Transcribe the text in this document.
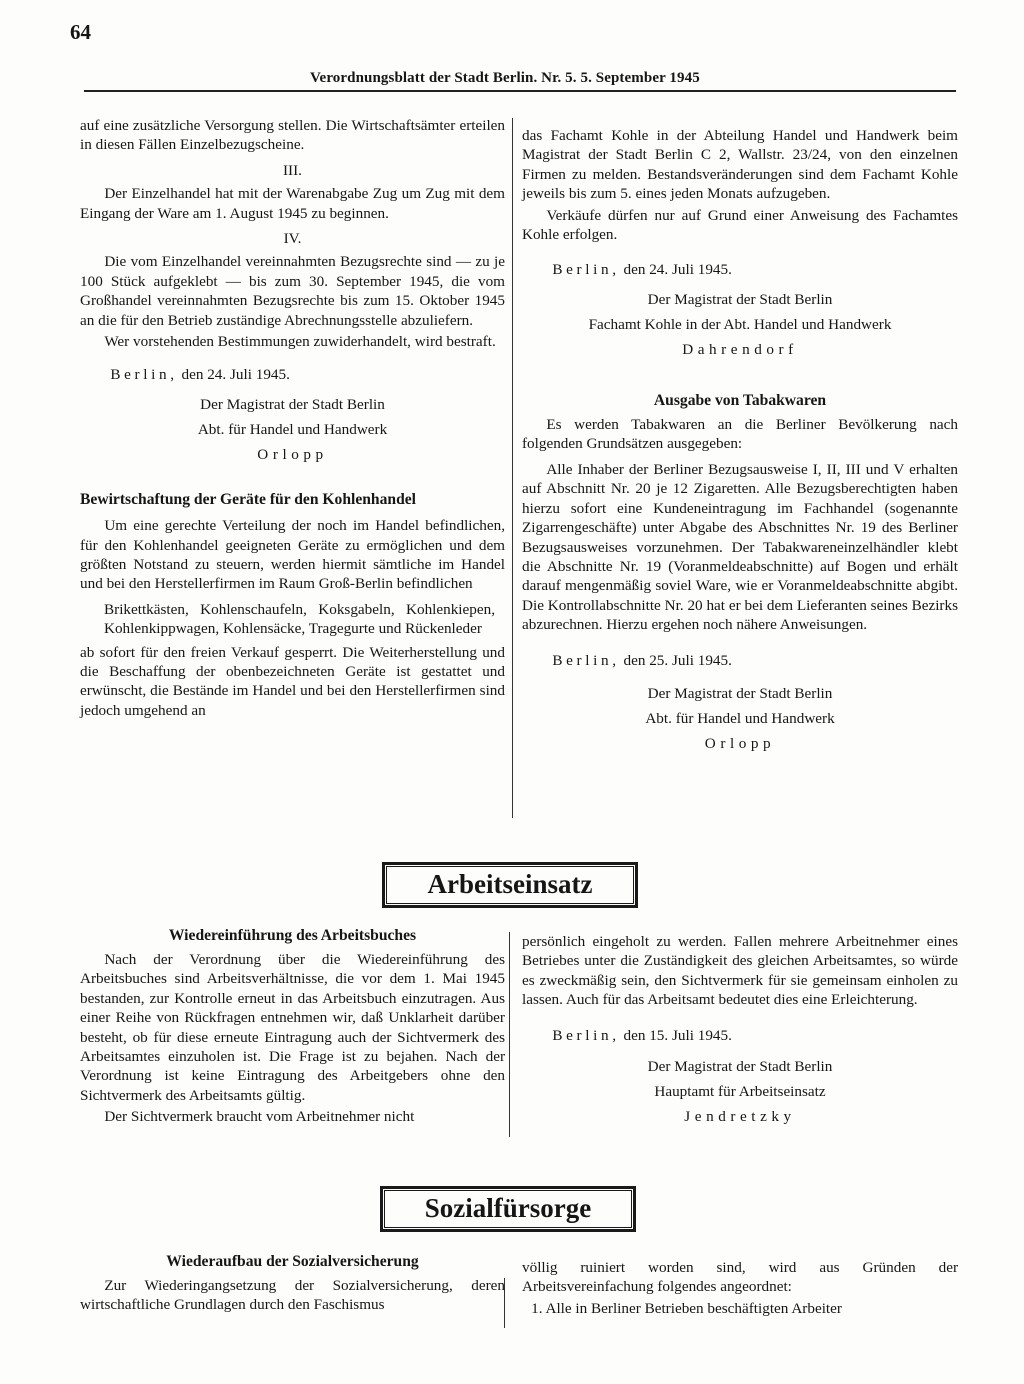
64
Verordnungsblatt der Stadt Berlin. Nr. 5. 5. September 1945

auf eine zusätzliche Versorgung stellen. Die Wirtschaftsämter erteilen in diesen Fällen Einzelbezugscheine.

III.

Der Einzelhandel hat mit der Warenabgabe Zug um Zug mit dem Eingang der Ware am 1. August 1945 zu beginnen.

IV.

Die vom Einzelhandel vereinnahmten Bezugsrechte sind — zu je 100 Stück aufgeklebt — bis zum 30. September 1945, die vom Großhandel vereinnahmten Bezugsrechte bis zum 15. Oktober 1945 an die für den Betrieb zuständige Abrechnungsstelle abzuliefern.

Wer vorstehenden Bestimmungen zuwiderhandelt, wird bestraft.

Berlin, den 24. Juli 1945.

Der Magistrat der Stadt Berlin

Abt. für Handel und Handwerk

Orlopp

Bewirtschaftung der Geräte für den Kohlenhandel

Um eine gerechte Verteilung der noch im Handel befindlichen, für den Kohlenhandel geeigneten Geräte zu ermöglichen und dem größten Notstand zu steuern, werden hiermit sämtliche im Handel und bei den Herstellerfirmen im Raum Groß-Berlin befindlichen

Brikettkästen, Kohlenschaufeln, Koksgabeln, Kohlenkiepen, Kohlenkippwagen, Kohlensäcke, Tragegurte und Rückenleder

ab sofort für den freien Verkauf gesperrt. Die Weiterherstellung und die Beschaffung der obenbezeichneten Geräte ist gestattet und erwünscht, die Bestände im Handel und bei den Herstellerfirmen sind jedoch umgehend an

das Fachamt Kohle in der Abteilung Handel und Handwerk beim Magistrat der Stadt Berlin C 2, Wallstr. 23/24, von den einzelnen Firmen zu melden. Bestandsveränderungen sind dem Fachamt Kohle jeweils bis zum 5. eines jeden Monats aufzugeben.

Verkäufe dürfen nur auf Grund einer Anweisung des Fachamtes Kohle erfolgen.

Berlin, den 24. Juli 1945.

Der Magistrat der Stadt Berlin

Fachamt Kohle in der Abt. Handel und Handwerk

Dahrendorf

Ausgabe von Tabakwaren

Es werden Tabakwaren an die Berliner Bevölkerung nach folgenden Grundsätzen ausgegeben:

Alle Inhaber der Berliner Bezugsausweise I, II, III und V erhalten auf Abschnitt Nr. 20 je 12 Zigaretten. Alle Bezugsberechtigten haben hierzu sofort eine Kundeneintragung im Fachhandel (sogenannte Zigarrengeschäfte) unter Abgabe des Abschnittes Nr. 19 des Berliner Bezugsausweises vorzunehmen. Der Tabakwareneinzelhändler klebt die Abschnitte Nr. 19 (Voranmeldeabschnitte) auf Bogen und erhält darauf mengenmäßig soviel Ware, wie er Voranmeldeabschnitte abgibt. Die Kontrollabschnitte Nr. 20 hat er bei dem Lieferanten seines Bezirks abzurechnen. Hierzu ergehen noch nähere Anweisungen.

Berlin, den 25. Juli 1945.

Der Magistrat der Stadt Berlin

Abt. für Handel und Handwerk

Orlopp

Arbeitseinsatz

Wiedereinführung des Arbeitsbuches

Nach der Verordnung über die Wiedereinführung des Arbeitsbuches sind Arbeitsverhältnisse, die vor dem 1. Mai 1945 bestanden, zur Kontrolle erneut in das Arbeitsbuch einzutragen. Aus einer Reihe von Rückfragen entnehmen wir, daß Unklarheit darüber besteht, ob für diese erneute Eintragung auch der Sichtvermerk des Arbeitsamtes einzuholen ist. Die Frage ist zu bejahen. Nach der Verordnung ist keine Eintragung des Arbeitgebers ohne den Sichtvermerk des Arbeitsamts gültig.

Der Sichtvermerk braucht vom Arbeitnehmer nicht

persönlich eingeholt zu werden. Fallen mehrere Arbeitnehmer eines Betriebes unter die Zuständigkeit des gleichen Arbeitsamtes, so würde es zweckmäßig sein, den Sichtvermerk für sie gemeinsam einholen zu lassen. Auch für das Arbeitsamt bedeutet dies eine Erleichterung.

Berlin, den 15. Juli 1945.

Der Magistrat der Stadt Berlin

Hauptamt für Arbeitseinsatz

Jendretzky

Sozialfürsorge

Wiederaufbau der Sozialversicherung

Zur Wiederingangsetzung der Sozialversicherung, deren wirtschaftliche Grundlagen durch den Faschismus

völlig ruiniert worden sind, wird aus Gründen der Arbeitsvereinfachung folgendes angeordnet:

1. Alle in Berliner Betrieben beschäftigten Arbeiter
